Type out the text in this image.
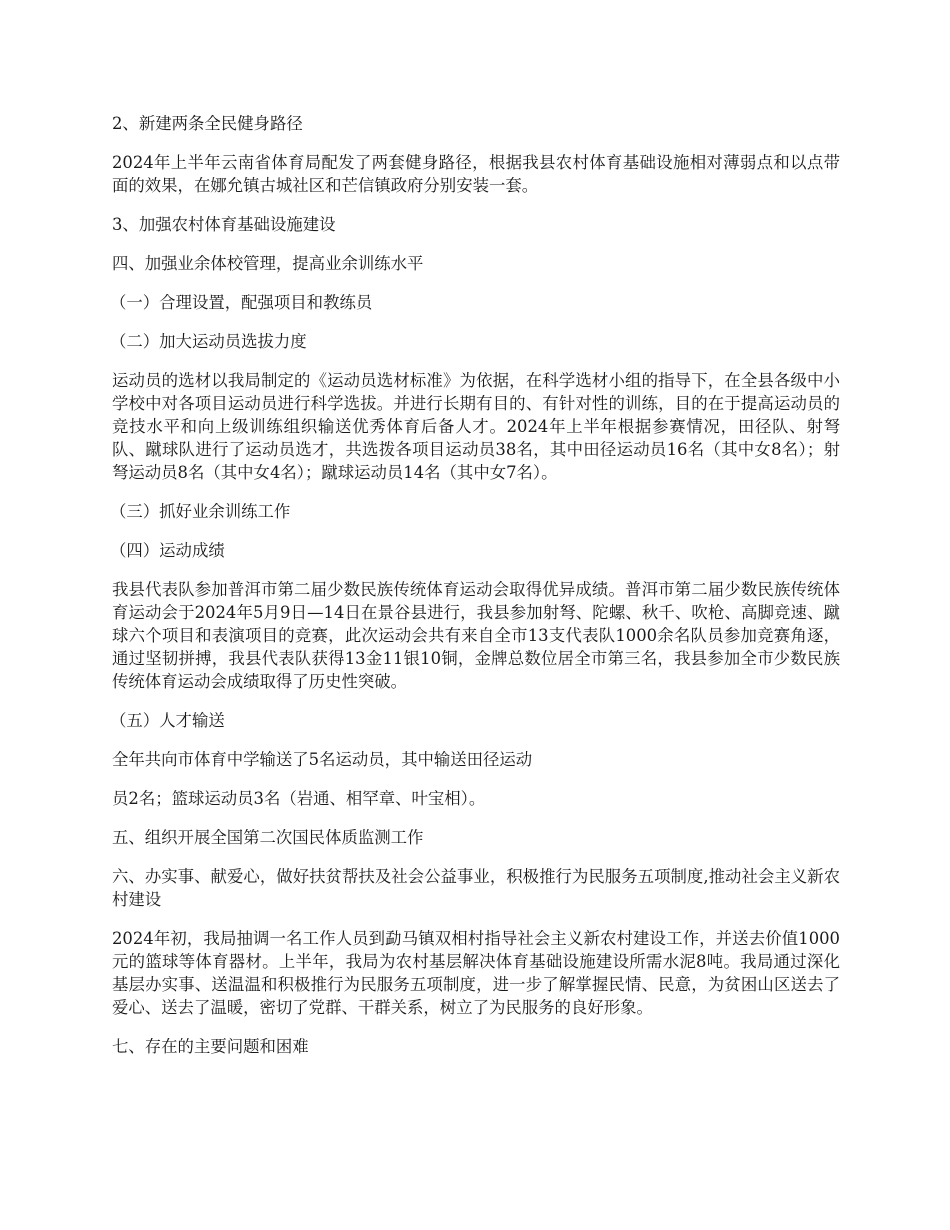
2、新建两条全民健身路径

2024年上半年云南省体育局配发了两套健身路径，根据我县农村体育基础设施相对薄弱点和以点带面的效果，在娜允镇古城社区和芒信镇政府分别安装一套。

3、加强农村体育基础设施建设

四、加强业余体校管理，提高业余训练水平

（一）合理设置，配强项目和教练员

（二）加大运动员选拔力度

运动员的选材以我局制定的《运动员选材标准》为依据，在科学选材小组的指导下，在全县各级中小学校中对各项目运动员进行科学选拔。并进行长期有目的、有针对性的训练，目的在于提高运动员的竞技水平和向上级训练组织输送优秀体育后备人才。2024年上半年根据参赛情况，田径队、射弩队、蹴球队进行了运动员选才，共选拨各项目运动员38名，其中田径运动员16名（其中女8名）；射弩运动员8名（其中女4名）；蹴球运动员14名（其中女7名）。

（三）抓好业余训练工作

（四）运动成绩

我县代表队参加普洱市第二届少数民族传统体育运动会取得优异成绩。普洱市第二届少数民族传统体育运动会于2024年5月9日—14日在景谷县进行，我县参加射弩、陀螺、秋千、吹枪、高脚竞速、蹴球六个项目和表演项目的竞赛，此次运动会共有来自全市13支代表队1000余名队员参加竞赛角逐，通过坚韧拼搏，我县代表队获得13金11银10铜，金牌总数位居全市第三名，我县参加全市少数民族传统体育运动会成绩取得了历史性突破。

（五）人才输送

全年共向市体育中学输送了5名运动员，其中输送田径运动

员2名；篮球运动员3名（岩通、相罕章、叶宝相）。

五、组织开展全国第二次国民体质监测工作

六、办实事、献爱心，做好扶贫帮扶及社会公益事业，积极推行为民服务五项制度,推动社会主义新农村建设

2024年初，我局抽调一名工作人员到勐马镇双相村指导社会主义新农村建设工作，并送去价值1000元的篮球等体育器材。上半年，我局为农村基层解决体育基础设施建设所需水泥8吨。我局通过深化基层办实事、送温温和积极推行为民服务五项制度，进一步了解掌握民情、民意，为贫困山区送去了爱心、送去了温暖，密切了党群、干群关系，树立了为民服务的良好形象。

七、存在的主要问题和困难
